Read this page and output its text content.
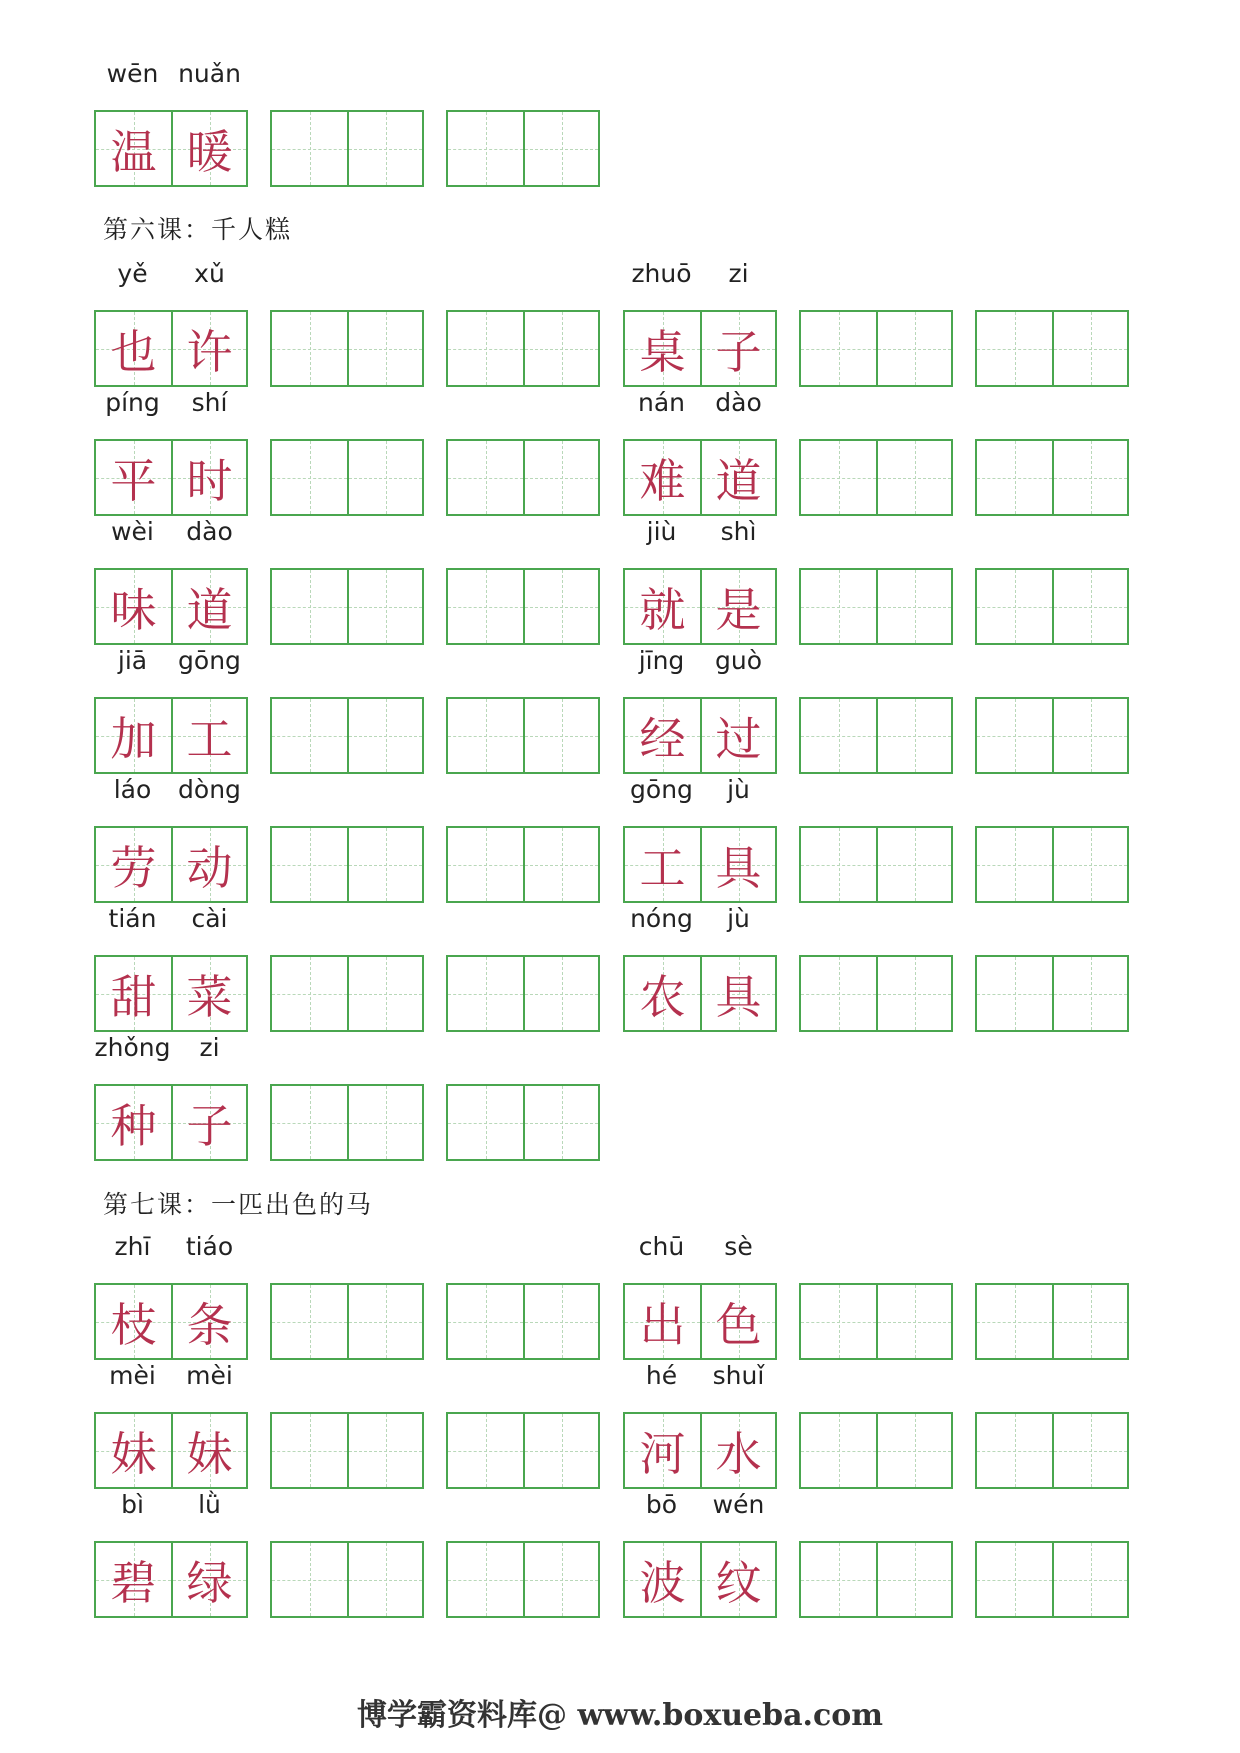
wēn nuǎn
温 暖
yě	xǔ
也 许
zhuō	zi
桌 子
píng	shí
平 时
nán	dào
难 道
wèi	dào
味 道
jiù	shì
就 是
jiā	gōng
加 工
jīng	guò
经 过
láo	dòng
劳 动
gōng	jù
工 具
tián	cài
甜 菜
nóng	jù
农 具
zhǒng	zi
种 子
zhī	tiáo
枝 条
chū	sè
出 色
mèi	mèi
妹 妹
hé	shuǐ
河 水
bì	lǜ
碧 绿
bō	wén
波 纹
第六课：千人糕
第七课：一匹出色的马
博学霸资料库@ www.boxueba.com
